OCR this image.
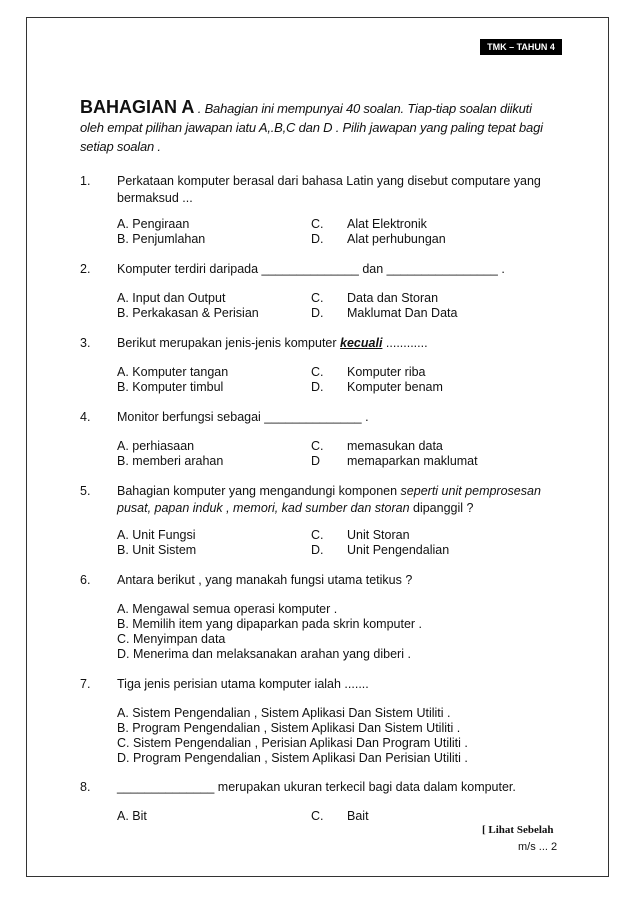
TMK – TAHUN 4
BAHAGIAN A . Bahagian ini mempunyai 40 soalan. Tiap-tiap soalan diikuti
oleh empat pilihan jawapan iatu A,.B,C dan D . Pilih jawapan yang paling tepat bagi
setiap soalan .
1. Perkataan komputer berasal dari bahasa Latin yang disebut computare yang
bermaksud ...
A. Pengiraan
B. Penjumlahan
C. Alat Elektronik
D. Alat perhubungan
2. Komputer terdiri daripada ______________ dan ________________ .
A. Input dan Output
B. Perkakasan & Perisian
C. Data dan Storan
D. Maklumat Dan Data
3. Berikut merupakan jenis-jenis komputer kecuali ............
A. Komputer tangan
B. Komputer timbul
C. Komputer riba
D. Komputer benam
4. Monitor berfungsi sebagai ______________ .
A. perhiasaan
B. memberi arahan
C. memasukan data
D memaparkan maklumat
5. Bahagian komputer yang mengandungi komponen seperti unit pemprosesan
pusat, papan induk , memori, kad sumber dan storan dipanggil ?
A. Unit Fungsi
B. Unit Sistem
C. Unit Storan
D. Unit Pengendalian
6. Antara berikut , yang manakah fungsi utama tetikus ?
A. Mengawal semua operasi komputer .
B. Memilih item yang dipaparkan pada skrin komputer .
C. Menyimpan data
D. Menerima dan melaksanakan arahan yang diberi .
7. Tiga jenis perisian utama komputer ialah .......
A. Sistem Pengendalian , Sistem Aplikasi Dan Sistem Utiliti .
B. Program Pengendalian , Sistem Aplikasi Dan Sistem Utiliti .
C. Sistem Pengendalian , Perisian Aplikasi Dan Program Utiliti .
D. Program Pengendalian , Sistem Aplikasi Dan Perisian Utiliti .
8. ______________ merupakan ukuran terkecil bagi data dalam komputer.
A. Bit	C. Bait
[ Lihat Sebelah
m/s ... 2
